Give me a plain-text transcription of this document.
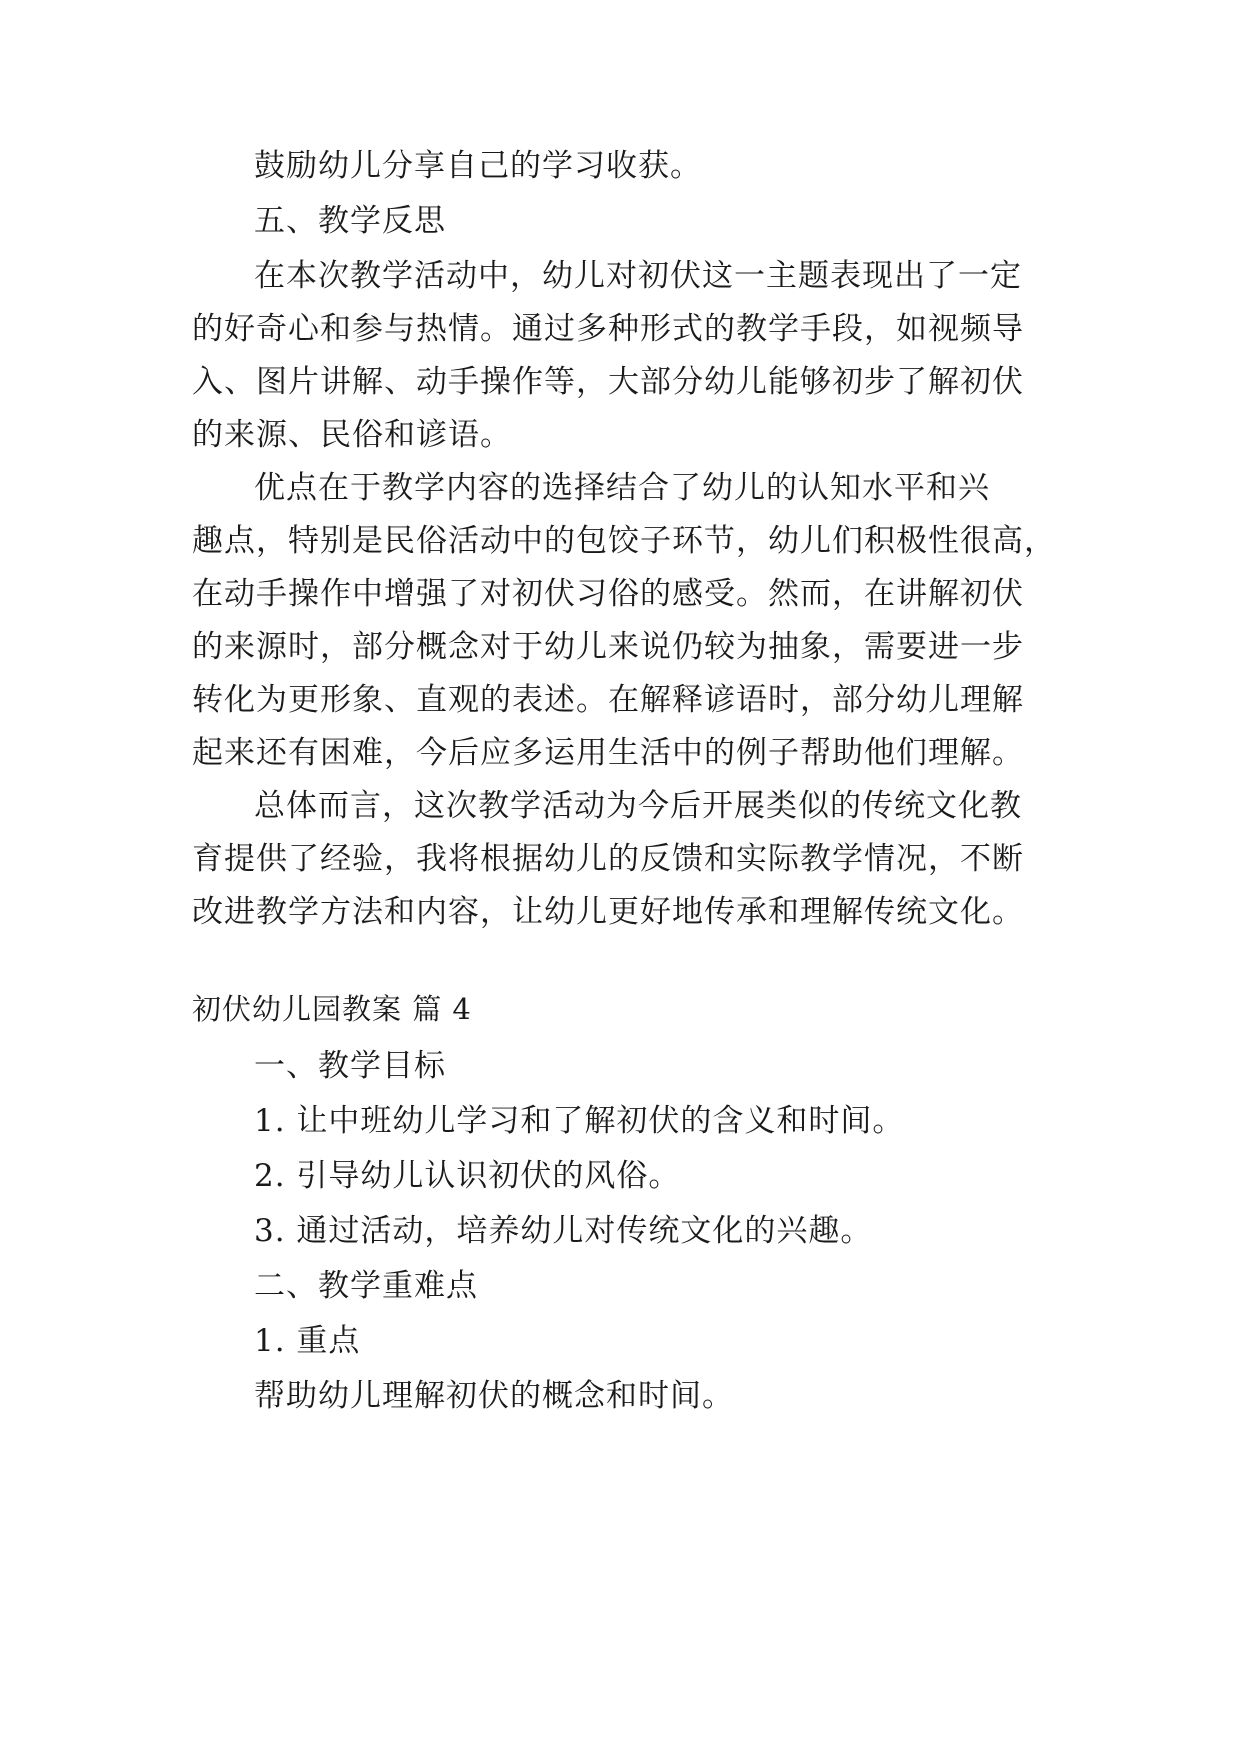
鼓励幼儿分享自己的学习收获。
五、教学反思
在本次教学活动中，幼儿对初伏这一主题表现出了一定
的好奇心和参与热情。通过多种形式的教学手段，如视频导
入、图片讲解、动手操作等，大部分幼儿能够初步了解初伏
的来源、民俗和谚语。
优点在于教学内容的选择结合了幼儿的认知水平和兴
趣点，特别是民俗活动中的包饺子环节，幼儿们积极性很高，
在动手操作中增强了对初伏习俗的感受。然而，在讲解初伏
的来源时，部分概念对于幼儿来说仍较为抽象，需要进一步
转化为更形象、直观的表述。在解释谚语时，部分幼儿理解
起来还有困难，今后应多运用生活中的例子帮助他们理解。
总体而言，这次教学活动为今后开展类似的传统文化教
育提供了经验，我将根据幼儿的反馈和实际教学情况，不断
改进教学方法和内容，让幼儿更好地传承和理解传统文化。
初伏幼儿园教案 篇 4
一、教学目标
1. 让中班幼儿学习和了解初伏的含义和时间。
2. 引导幼儿认识初伏的风俗。
3. 通过活动，培养幼儿对传统文化的兴趣。
二、教学重难点
1. 重点
帮助幼儿理解初伏的概念和时间。
